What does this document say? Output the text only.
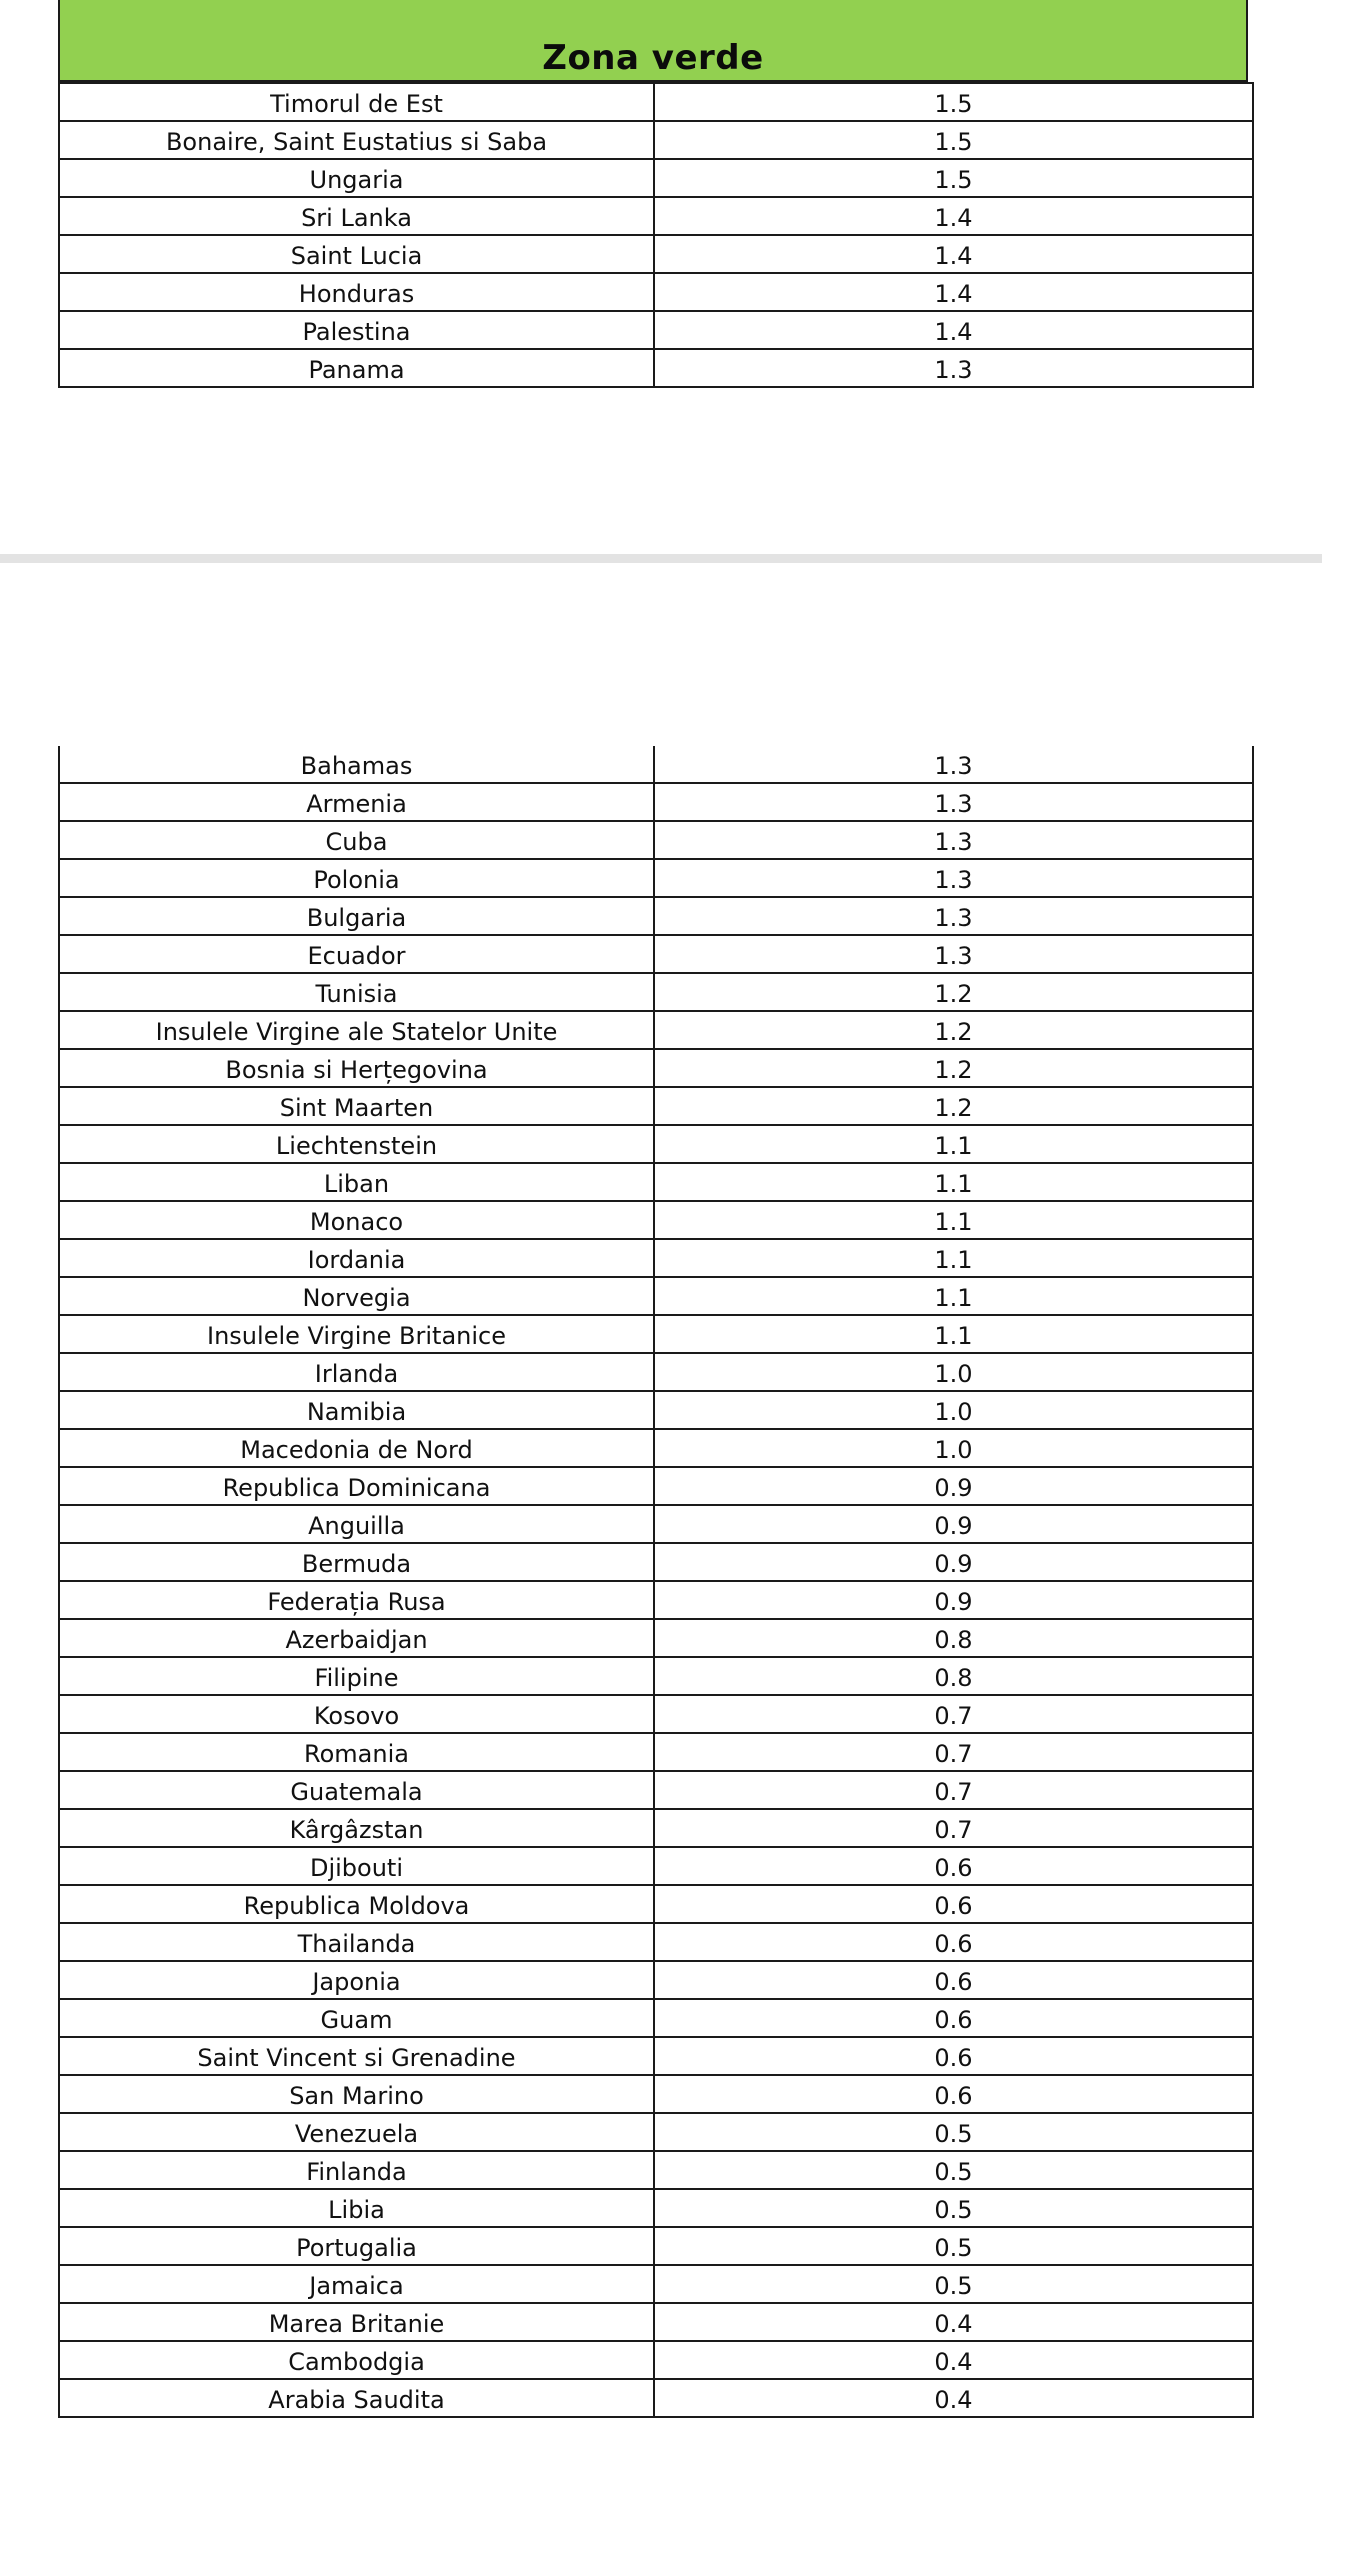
Zona verde
Timorul de Est	1.5
Bonaire, Saint Eustatius si Saba	1.5
Ungaria	1.5
Sri Lanka	1.4
Saint Lucia	1.4
Honduras	1.4
Palestina	1.4
Panama	1.3
Bahamas	1.3
Armenia	1.3
Cuba	1.3
Polonia	1.3
Bulgaria	1.3
Ecuador	1.3
Tunisia	1.2
Insulele Virgine ale Statelor Unite	1.2
Bosnia si Herțegovina	1.2
Sint Maarten	1.2
Liechtenstein	1.1
Liban	1.1
Monaco	1.1
Iordania	1.1
Norvegia	1.1
Insulele Virgine Britanice	1.1
Irlanda	1.0
Namibia	1.0
Macedonia de Nord	1.0
Republica Dominicana	0.9
Anguilla	0.9
Bermuda	0.9
Federația Rusa	0.9
Azerbaidjan	0.8
Filipine	0.8
Kosovo	0.7
Romania	0.7
Guatemala	0.7
Kârgâzstan	0.7
Djibouti	0.6
Republica Moldova	0.6
Thailanda	0.6
Japonia	0.6
Guam	0.6
Saint Vincent si Grenadine	0.6
San Marino	0.6
Venezuela	0.5
Finlanda	0.5
Libia	0.5
Portugalia	0.5
Jamaica	0.5
Marea Britanie	0.4
Cambodgia	0.4
Arabia Saudita	0.4
